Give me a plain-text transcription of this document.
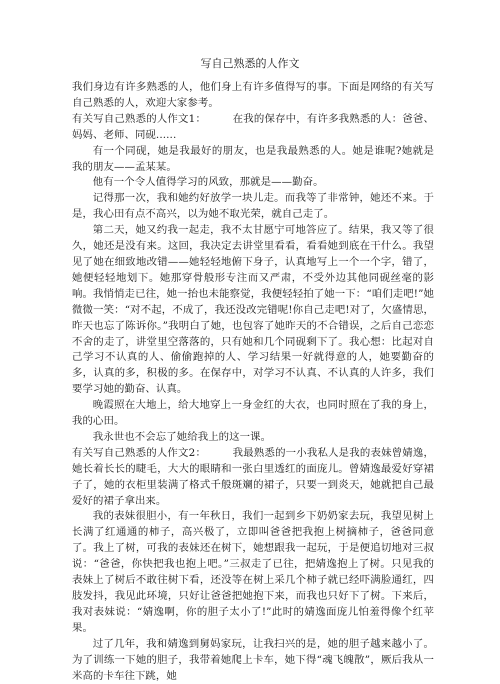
写自己熟悉的人作文

我们身边有许多熟悉的人，他们身上有许多值得写的事。下面是网络的有关写自己熟悉的人，欢迎大家参考。

有关写自己熟悉的人作文1：　　　在我的保存中，有许多我熟悉的人：爸爸、妈妈、老师、同砚......

有一个同砚，她是我最好的朋友，也是我最熟悉的人。她是谁呢?她就是我的朋友——孟某某。

他有一个令人值得学习的风致，那就是——勤奋。

记得那一次，我和她约好放学一块儿走。而我等了非常钟，她还不来。于是，我心田有点不高兴，以为她不取光荣，就自己走了。

第二天，她又约我一起走，我不太甘愿宁可地答应了。结果，我又等了很久，她还是没有来。这回，我决定去讲堂里看看，看看她到底在干什么。我望见了她在细致地改错——她轻轻地俯下身子，认真地写上一个一个字，错了，她便轻轻地划下。她那穿骨般形专注而又严肃，不受外边其他同砚丝毫的影响。我悄悄走已往，她一抬也未能察觉，我便轻轻拍了她一下：“咱们走吧!”她微微一笑：“对不起，不成了，我还没改完错呢!你自己走吧!对了，欠盛情思，昨天也忘了陈诉你。”我明白了她，也包容了她昨天的不合错误，之后自己恋恋不舍的走了，讲堂里空落落的，只有她和几个同砚剩下了。我心想：比起对自己学习不认真的人、偷偷跑掉的人、学习结果一好就得意的人，她要勤奋的多，认真的多，积极的多。在保存中，对学习不认真、不认真的人许多，我们要学习她的勤奋、认真。

晚霞照在大地上，给大地穿上一身金红的大衣，也同时照在了我的身上，我的心田。

我永世也不会忘了她给我上的这一课。

有关写自己熟悉的人作文2：　　　我最熟悉的一小我私人是我的表妹曾婧逸，她长着长长的睫毛，大大的眼睛和一张白里透红的面庞儿。曾婧逸最爱好穿裙子了，她的衣柜里装满了格式千般斑斓的裙子，只要一到炎天，她就把自己最爱好的裙子拿出来。

我的表妹很胆小，有一年秋日，我们一起到乡下奶奶家去玩，我望见树上长满了红通通的柿子，高兴极了，立即叫爸爸把我抱上树摘柿子，爸爸同意了。我上了树，可我的表妹还在树下，她想跟我一起玩，于是便追切地对三叔说：“爸爸，你快把我也抱上吧。”三叔走了已往，把婧逸抱上了树。只见我的表妹上了树后不敢往树下看，还没等在树上采几个柿子就已经吓满脸通红，四肢发抖，我见此环境，只好让爸爸把她抱下来，而我也只好下了树。下来后，我对表妹说：“婧逸啊，你的胆子太小了!”此时的婧逸面庞儿怕羞得像个红苹果。

过了几年，我和婧逸到舅妈家玩，让我扫兴的是，她的胆子越来越小了。为了训练一下她的胆子，我带着她爬上卡车，她下得“魂飞魄散”，厥后我从一米高的卡车往下跳，她
